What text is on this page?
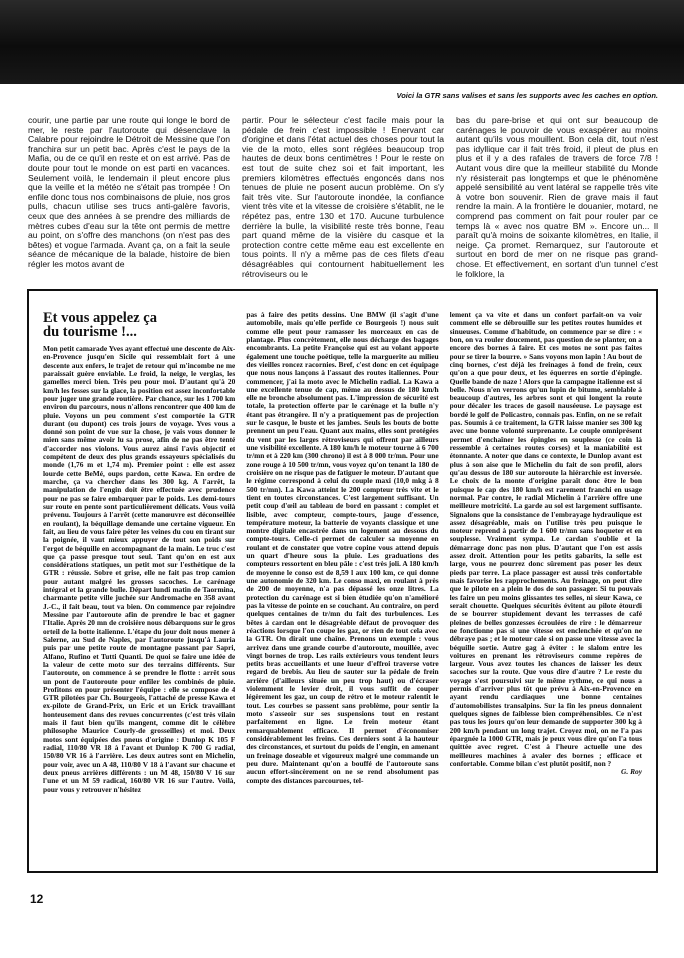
Voici la GTR sans valises et sans les supports avec les caches en option.

courir, une partie par une route qui longe le bord de mer, le reste par l'autoroute qui désenclave la Calabre pour rejoindre le Détroit de Messine que l'on franchira sur un petit bac. Après c'est le pays de la Mafia, ou de ce qu'il en reste et on est arrivé. Pas de doute pour tout le monde on est parti en vacances. Seulement voilà, le lendemain il pleut encore plus que la veille et la météo ne s'était pas trompée ! On enfile donc tous nos combinaisons de pluie, nos gros pulls, chacun utilise ses trucs anti-galère favoris, ceux que des années à se prendre des milliards de mètres cubes d'eau sur la tête ont permis de mettre au point, on s'offre des manchons (on n'est pas des bêtes) et vogue l'armada. Avant ça, on a fait la seule séance de mécanique de la balade, histoire de bien régler les motos avant de

partir. Pour le sélecteur c'est facile mais pour la pédale de frein c'est impossible ! Enervant car d'origine et dans l'état actuel des choses pour tout la vie de la moto, elles sont réglées beaucoup trop hautes de deux bons centimètres ! Pour le reste on est tout de suite chez soi et fait important, les premiers kilomètres effectués engoncés dans nos tenues de pluie ne posent aucun problème. On s'y fait très vite. Sur l'autoroute inondée, la confiance vient très vite et la vitesse de croisière s'établit, ne le répétez pas, entre 130 et 170. Aucune turbulence derrière la bulle, la visibilité reste très bonne, l'eau part quand même de la visière du casque et la protection contre cette même eau est excellente en tous points. Il n'y a même pas de ces filets d'eau désagréables qui contournent habituellement les rétroviseurs ou le

bas du pare-brise et qui ont sur beaucoup de carénages le pouvoir de vous exaspérer au moins autant qu'ils vous mouillent. Bon cela dit, tout n'est pas idyllique car il fait très froid, il pleut de plus en plus et il y a des rafales de travers de force 7/8 ! Autant vous dire que la meilleur stabilité du Monde n'y résisterait pas longtemps et que le phénomène appelé sensibilité au vent latéral se rappelle très vite à votre bon souvenir. Rien de grave mais il faut rendre la main. A la frontière le douanier, motard, ne comprend pas comment on fait pour rouler par ce temps là « avec nos quatre BM ». Encore un... Il paraît qu'à moins de soixante kilomètres, en Italie, il neige. Ça promet. Remarquez, sur l'autoroute et surtout en bord de mer on ne risque pas grand-chose. Et effectivement, en sortant d'un tunnel c'est le folklore, la

Et vous appelez ça
du tourisme !...

Mon petit camarade Yves ayant effectué une descente de Aix-en-Provence jusqu'en Sicile qui ressemblait fort à une descente aux enfers, le trajet de retour qui m'incombe ne me paraissait guère enviable. Le froid, la neige, le verglas, les gamelles merci bien. Très peu pour moi. D'autant qu'à 20 km/h les fesses sur la glace, la position est assez inconfortable pour juger une grande routière. Par chance, sur les 1 700 km environ du parcours, nous n'allons rencontrer que 400 km de pluie. Voyons un peu comment s'est comportée la GTR durant (ou dupont) ces trois jours de voyage. Yves vous a donné son point de vue sur la chose, je vais vous donner le mien sans même avoir lu sa prose, afin de ne pas être tenté d'accorder nos violons. Vous aurez ainsi l'avis objectif et compétent de deux des plus grands essayeurs spécialisés du monde (1,76 m et 1,74 m). Premier point : elle est assez lourde cette BeMé, oups pardon, cette Kawa. En ordre de marche, ça va chercher dans les 300 kg. A l'arrêt, la manipulation de l'engin doit être effectuée avec prudence pour ne pas se faire embarquer par le poids. Les demi-tours sur route en pente sont particulièrement délicats. Vous voilà prévenu. Toujours à l'arrêt (cette manœuvre est déconseillée en roulant), la béquillage demande une certaine vigueur. En fait, au lieu de vous faire péter les veines du cou en tirant sur la poignée, il vaut mieux appuyer de tout son poids sur l'ergot de béquille en accompagnant de la main. Le truc c'est que ça passe presque tout seul. Tant qu'on en est aux considérations statiques, un petit mot sur l'esthétique de la GTR : réussie. Sobre et grise, elle ne fait pas trop camion pour autant malgré les grosses sacoches. Le carénage intégral et la grande bulle. Départ lundi matin de Taormina, charmante petite ville juchée sur Andromache en 358 avant J.-C., il fait beau, tout va bien. On commence par rejoindre Messine par l'autoroute afin de prendre le bac et gagner l'Italie. Après 20 mn de croisière nous débarquons sur le gros orteil de la botte italienne. L'étape du jour doit nous mener à Salerne, au Sud de Naples, par l'autoroute jusqu'à Lauria puis par une petite route de montagne passant par Sapri, Alfano, Rufino et Tutti Quanti. De quoi se faire une idée de la valeur de cette moto sur des terrains différents. Sur l'autoroute, on commence à se prendre le flotte : arrêt sous un pont de l'autoroute pour enfiler les combinés de pluie. Profitons en pour présenter l'équipe : elle se compose de 4 GTR pilotées par Ch. Bourgeois, l'attaché de presse Kawa et ex-pilote de Grand-Prix, un Eric et un Erick travaillant honteusement dans des revues concurrentes (c'est très vilain mais il faut bien qu'ils mangent, comme dit le célèbre philosophe Maurice Courly-de grosseilles) et moi. Deux motos sont équipées des pneus d'origine : Dunlop K 105 F radial, 110/80 VR 18 à l'avant et Dunlop K 700 G radial, 150/80 VR 16 à l'arrière. Les deux autres sont en Michelin, pour voir, avec un A 48, 110/80 V 18 à l'avant sur chacune et deux pneus arrières différents : un M 48, 150/80 V 16 sur l'une et un M 59 radical, 160/80 VR 16 sur l'autre. Voilà, pour vous y retrouver n'hésitez

pas à faire des petits dessins. Une BMW (il s'agit d'une automobile, mais qu'elle perfide ce Bourgeois !) nous suit comme elle peut pour ramasser les morceaux en cas de plantage. Plus concrètement, elle nous décharge des bagages encombrants. La petite Françoise qui est au volant apporte également une touche poétique, telle la marguerite au milieu des vieilles roncez racornies. Bref, c'est donc en cet équipage que nous nous lançons à l'assaut des routes italiennes. Pour commencer, j'ai la moto avec le Michelin radial. La Kawa a une excellente tenue de cap, même au dessus de 180 km/h elle ne bronche absolument pas. L'impression de sécurité est totale, la protection offerte par le carénage et la bulle n'y étant pas étrangère. Il n'y a pratiquement pas de projection sur le casque, le buste et les jambes. Seuls les bouts de botte prennent un peu l'eau. Quant aux mains, elles sont protégées du vent par les larges rétroviseurs qui offrent par ailleurs une visibilité excellente. A 180 km/h le moteur tourne à 6 700 tr/mn et à 220 km (300 chrono) il est à 8 000 tr/mn. Pour une zone rouge à 10 500 tr/mn, vous voyez qu'on tenant la 180 de croisière on ne risque pas de fatiguer le moteur. D'autant que le régime correspond à celui du couple maxi (10,0 mkg à 8 500 tr/mn). La Kawa atteint le 200 compteur très vite et le tient en toutes circonstances. C'est largement suffisant. Un petit coup d'œil au tableau de bord en passant : complet et lisible, avec compteur, compte-tours, jauge d'essence, température moteur, la batterie de voyants classique et une montre digitale encastrée dans un logement au dessous du compte-tours. Celle-ci permet de calculer sa moyenne en roulant et de constater que votre copine vous attend depuis un quart d'heure sous la pluie. Les graduations des compteurs ressortent en bleu pâle : c'est très joli. A 180 km/h de moyenne le conso est de 8,59 l aux 100 km, ce qui donne une autonomie de 320 km. Le conso maxi, en roulant à près de 200 de moyenne, n'a pas dépassé les onze litres. La protection du carénage est si bien étudiée qu'on n'amélioré pas la vitesse de pointe en se couchant. Au contraire, on perd quelques centaines de tr/mn du fait des turbulences. Les bêtes à cardan ont le désagréable défaut de provoquer des réactions lorsque l'on coupe les gaz, or rien de tout cela avec la GTR. On dirait une chaîne. Prenons un exemple : vous arrivez dans une grande courbe d'autoroute, mouillée, avec vingt bornes de trop. Les rails extérieurs vous tendent leurs petits bras accueillants et une lueur d'effroi traverse votre regard de brebis. Au lieu de sauter sur la pédale de frein arrière (d'ailleurs située un peu trop haut) ou d'écraser violemment le levier droit, il vous suffit de couper légèrement les gaz, un coup de rétro et le moteur ralentit le tout. Les courbes se passent sans problème, pour sentir la moto s'asseoir sur ses suspensions tout en restant parfaitement en ligne. Le frein moteur étant remarquablement efficace. Il permet d'économiser considérablement les freins. Ces derniers sont à la hauteur des circonstances, et surtout du poids de l'engin, en amenant un freinage doseable et vigoureux malgré une commande un peu dure. Maintenant qu'on a bouffé de l'autoroute sans aucun effort-sincèrement on ne se rend absolument pas compte des distances parcourues, tel-

lement ça va vite et dans un confort parfait-on va voir comment elle se débrouille sur les petites routes humides et sinueuses. Comme d'habitude, on commence par se dire : « bon, on va rouler doucement, pas question de se planter, on a encore des bornes à faire. Et ces motos ne sont pas faites pour se tirer la bourre. » Sans voyons mon lapin ! Au bout de cinq bornes, c'est déjà les freinages à fond de frein, ceux qu'on a que pour deux, et les équerres en sortie d'épingle. Quelle bande de naze ! Alors que la campagne italienne est si belle. Nous n'en verrons qu'un lupin de bitume, semblable à beaucoup d'autres, les arbres sont et qui longent la route pour décaler les traces de gasoil nauséeuse. Le paysage est bordé le golf de Policastro, connais pas. Enfin, on ne se refait pas. Soumis à ce traitement, la GTR laisse manier ses 300 kg avec une bonne volonté surprenante. Le couple omniprésent permet d'enchaîner les épingles en souplesse (ce coin là ressemble à certaines routes corses) et la maniabilité est étonnante. A noter que dans ce contexte, le Dunlop avant est plus à son aise que le Michelin du fait de son profil, alors qu'au dessus de 180 sur autoroute la hiérarchie est inversée. Le choix de la monte d'origine paraît donc être le bon puisque le cap des 180 km/h est rarement franchi en usage normal. Par contre, le radial Michelin à l'arrière offre une meilleure motricité. La garde au sol est largement suffisante. Signalons que la consistance de l'embrayage hydraulique est assez désagréable, mais on l'utilise très peu puisque le moteur reprend à partir de 1 600 tr/mn sans hoqueter et en souplesse. Vraiment sympa. Le cardan s'oublie et la démarrage donc pas non plus. D'autant que l'on est assis assez droit. Attention pour les petits gabarits, la selle est large, vous ne pourrez donc sûrement pas poser les deux pieds par terre. La place passager est aussi très confortable mais favorise les rapprochements. Au freinage, on peut dire que le pilote en a plein le dos de son passager. Si tu pouvais les faire un peu moins glissantes tes selles, ni sieur Kawa, ce serait chouette. Quelques sécurités évitent au pilote étourdi de se bourrer stupidement devant les terrasses de café pleines de belles gonzesses écroulées de rire : le démarreur ne fonctionne pas si une vitesse est enclenchée et qu'on ne débraye pas ; et le moteur cale si on passe une vitesse avec la béquille sortie. Autre gag à éviter : le slalom entre les voitures en prenant les rétroviseurs comme repères de largeur. Vous avez toutes les chances de laisser les deux sacoches sur la route. Que vous dire d'autre ? Le reste du voyage s'est poursuivi sur le même rythme, ce qui nous a permis d'arriver plus tôt que prévu à Aix-en-Provence en ayant rendu cardiaques une bonne centaines d'automobilistes transalpins. Sur la fin les pneus donnaient quelques signes de faiblesse bien compréhensibles. Ce n'est pas tous les jours qu'on leur demande de supporter 300 kg à 200 km/h pendant un long trajet. Croyez moi, on ne l'a pas épargnée la 1000 GTR, mais je peux vous dire qu'on l'a tous quittée avec regret. C'est à l'heure actuelle une des meilleures machines à avaler des bornes ; efficace et confortable. Comme bilan c'est plutôt positif, non ?

G. Roy

12
